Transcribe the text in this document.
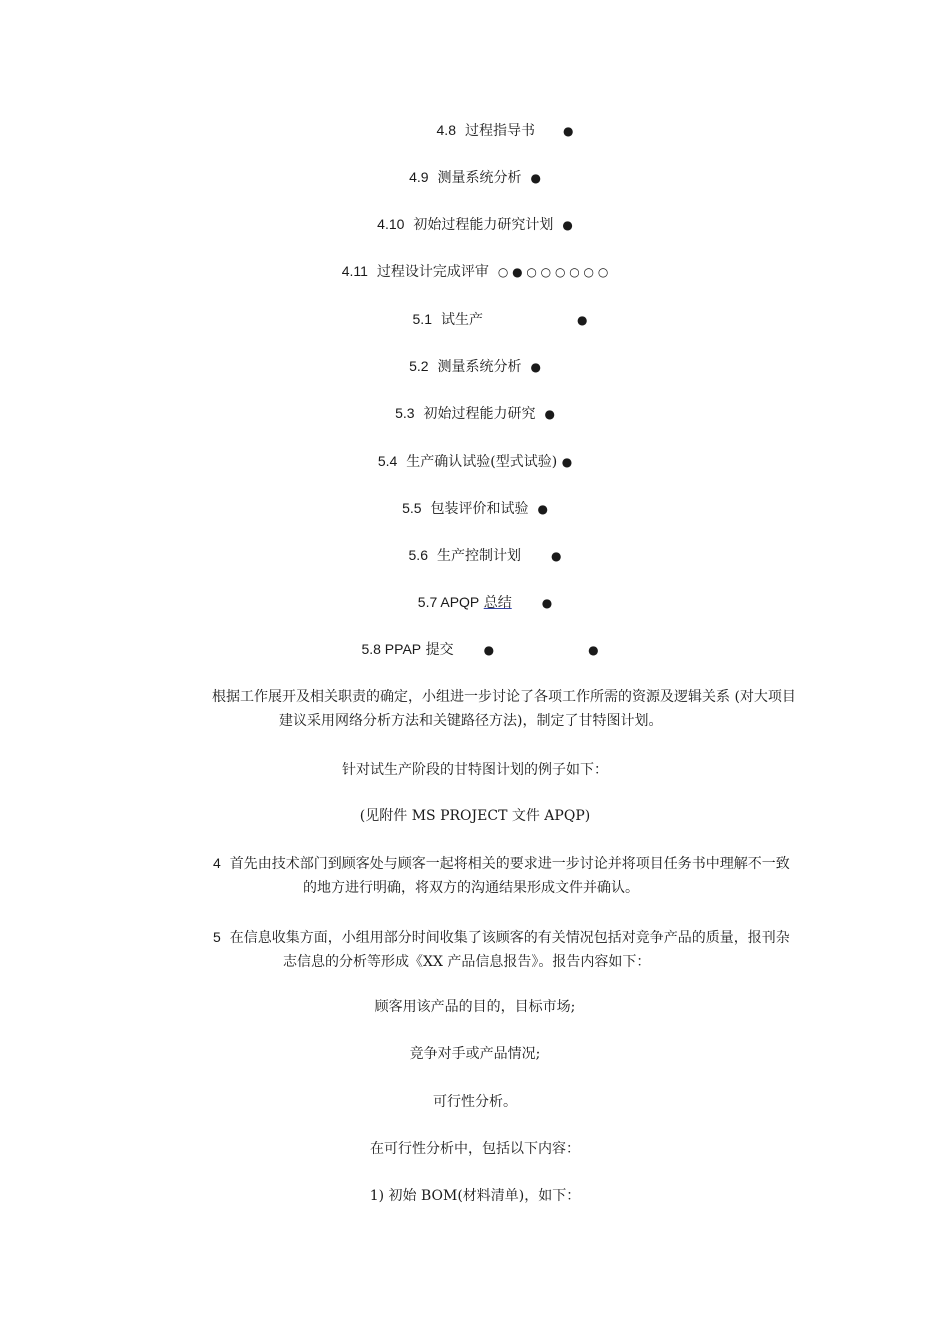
4.8 过程指导书 ●
4.9 测量系统分析 ●
4.10 初始过程能力研究计划 ●
4.11 过程设计完成评审 ○ ● ○ ○ ○ ○ ○ ○
5.1 试生产	●
5.2 测量系统分析 ●
5.3 初始过程能力研究 ●
5.4 生产确认试验(型式试验) ●
5.5 包装评价和试验 ●
5.6 生产控制计划	●
5.7 APQP 总结	●
5.8 PPAP 提交	●	●
根据工作展开及相关职责的确定，小组进一步讨论了各项工作所需的资源及逻辑关系 (对大项目
建议采用网络分析方法和关键路径方法)，制定了甘特图计划。
针对试生产阶段的甘特图计划的例子如下：
(见附件 MS PROJECT 文件 APQP)
4 首先由技术部门到顾客处与顾客一起将相关的要求进一步讨论并将项目任务书中理解不一致
的地方进行明确，将双方的沟通结果形成文件并确认。
5 在信息收集方面，小组用部分时间收集了该顾客的有关情况包括对竞争产品的质量，报刊杂
志信息的分析等形成《XX 产品信息报告》。报告内容如下：
顾客用该产品的目的，目标市场;
竞争对手或产品情况;
可行性分析。
在可行性分析中，包括以下内容：
1) 初始 BOM(材料清单)，如下：
